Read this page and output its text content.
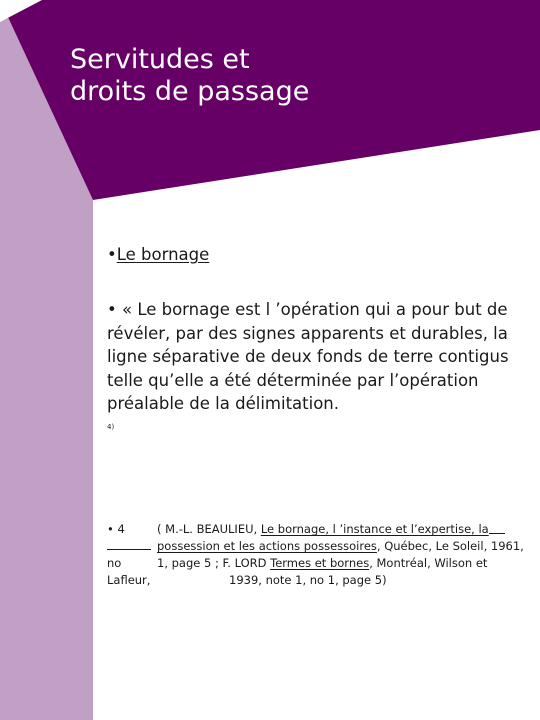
Servitudes et
droits de passage
•Le bornage
• « Le bornage est l ’opération qui a pour but de
révéler, par des signes apparents et durables, la
ligne séparative de deux fonds de terre contigus
telle qu’elle a été déterminée par l’opération
préalable de la délimitation.
4)
• 4	( M.-L. BEAULIEU, Le bornage, l ’instance et l’expertise, la
possession et les actions possessoires, Québec, Le Soleil, 1961,
no	1, page 5 ; F. LORD Termes et bornes, Montréal, Wilson et
Lafleur,	1939, note 1, no 1, page 5)
